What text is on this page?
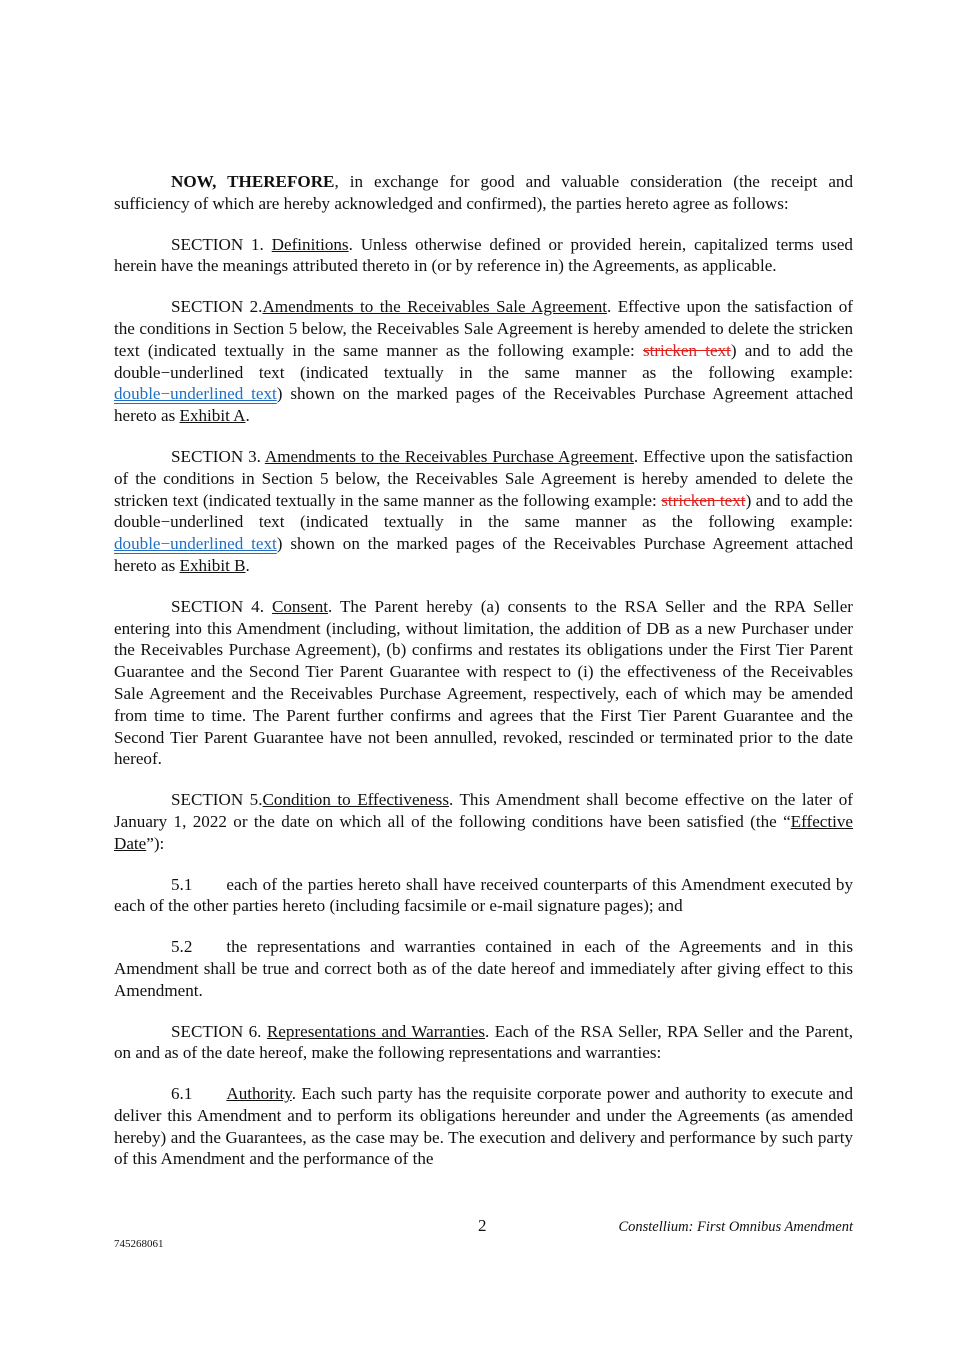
NOW, THEREFORE, in exchange for good and valuable consideration (the receipt and sufficiency of which are hereby acknowledged and confirmed), the parties hereto agree as follows:

SECTION 1. Definitions. Unless otherwise defined or provided herein, capitalized terms used herein have the meanings attributed thereto in (or by reference in) the Agreements, as applicable.

SECTION 2.Amendments to the Receivables Sale Agreement. Effective upon the satisfaction of the conditions in Section 5 below, the Receivables Sale Agreement is hereby amended to delete the stricken text (indicated textually in the same manner as the following example: stricken text) and to add the double−underlined text (indicated textually in the same manner as the following example: double−underlined text) shown on the marked pages of the Receivables Purchase Agreement attached hereto as Exhibit A.

SECTION 3. Amendments to the Receivables Purchase Agreement. Effective upon the satisfaction of the conditions in Section 5 below, the Receivables Sale Agreement is hereby amended to delete the stricken text (indicated textually in the same manner as the following example: stricken text) and to add the double−underlined text (indicated textually in the same manner as the following example: double−underlined text) shown on the marked pages of the Receivables Purchase Agreement attached hereto as Exhibit B.

SECTION 4. Consent. The Parent hereby (a) consents to the RSA Seller and the RPA Seller entering into this Amendment (including, without limitation, the addition of DB as a new Purchaser under the Receivables Purchase Agreement), (b) confirms and restates its obligations under the First Tier Parent Guarantee and the Second Tier Parent Guarantee with respect to (i) the effectiveness of the Receivables Sale Agreement and the Receivables Purchase Agreement, respectively, each of which may be amended from time to time. The Parent further confirms and agrees that the First Tier Parent Guarantee and the Second Tier Parent Guarantee have not been annulled, revoked, rescinded or terminated prior to the date hereof.

SECTION 5.Condition to Effectiveness. This Amendment shall become effective on the later of January 1, 2022 or the date on which all of the following conditions have been satisfied (the “Effective Date”):

5.1 each of the parties hereto shall have received counterparts of this Amendment executed by each of the other parties hereto (including facsimile or e-mail signature pages); and

5.2 the representations and warranties contained in each of the Agreements and in this Amendment shall be true and correct both as of the date hereof and immediately after giving effect to this Amendment.

SECTION 6. Representations and Warranties. Each of the RSA Seller, RPA Seller and the Parent, on and as of the date hereof, make the following representations and warranties:

6.1 Authority. Each such party has the requisite corporate power and authority to execute and deliver this Amendment and to perform its obligations hereunder and under the Agreements (as amended hereby) and the Guarantees, as the case may be. The execution and delivery and performance by such party of this Amendment and the performance of the

2	Constellium: First Omnibus Amendment
745268061
